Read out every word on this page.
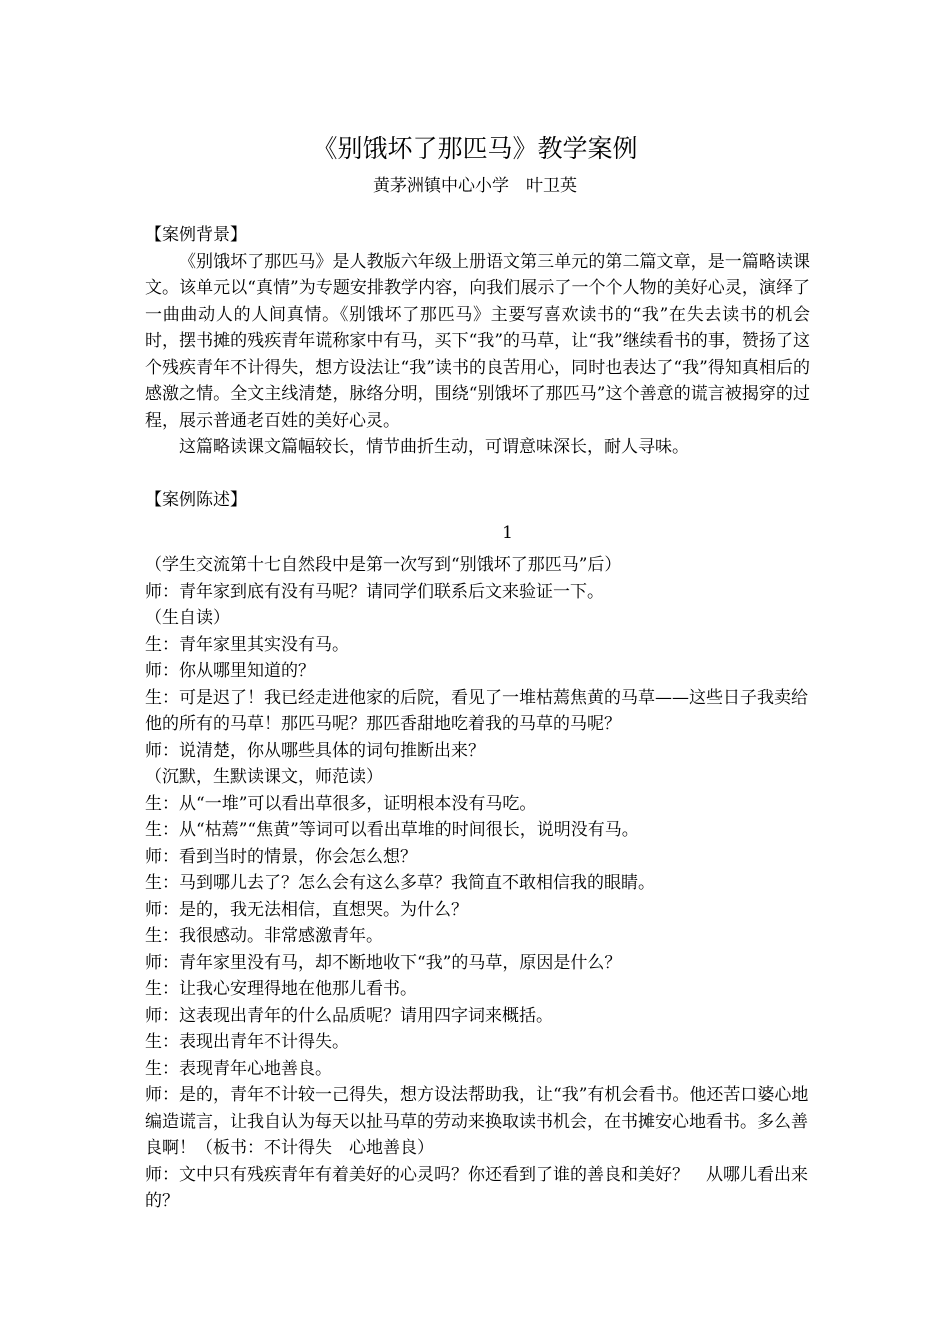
《别饿坏了那匹马》教学案例
黄茅洲镇中心小学　叶卫英

【案例背景】

《别饿坏了那匹马》是人教版六年级上册语文第三单元的第二篇文章，是一篇略读课文。该单元以“真情”为专题安排教学内容，向我们展示了一个个人物的美好心灵，演绎了一曲曲动人的人间真情。《别饿坏了那匹马》主要写喜欢读书的“我”在失去读书的机会时，摆书摊的残疾青年谎称家中有马，买下“我”的马草，让“我”继续看书的事，赞扬了这个残疾青年不计得失，想方设法让“我”读书的良苦用心，同时也表达了“我”得知真相后的感激之情。全文主线清楚，脉络分明，围绕“别饿坏了那匹马”这个善意的谎言被揭穿的过程，展示普通老百姓的美好心灵。

这篇略读课文篇幅较长，情节曲折生动，可谓意味深长，耐人寻味。

【案例陈述】

1

（学生交流第十七自然段中是第一次写到“别饿坏了那匹马”后）

师：青年家到底有没有马呢？请同学们联系后文来验证一下。

（生自读）

生：青年家里其实没有马。

师：你从哪里知道的？

生：可是迟了！我已经走进他家的后院，看见了一堆枯蔫焦黄的马草——这些日子我卖给他的所有的马草！那匹马呢？那匹香甜地吃着我的马草的马呢？

师：说清楚，你从哪些具体的词句推断出来？

（沉默，生默读课文，师范读）

生：从“一堆”可以看出草很多，证明根本没有马吃。

生：从“枯蔫”“焦黄”等词可以看出草堆的时间很长，说明没有马。

师：看到当时的情景，你会怎么想？

生：马到哪儿去了？怎么会有这么多草？我简直不敢相信我的眼睛。

师：是的，我无法相信，直想哭。为什么？

生：我很感动。非常感激青年。

师：青年家里没有马，却不断地收下“我”的马草，原因是什么？

生：让我心安理得地在他那儿看书。

师：这表现出青年的什么品质呢？请用四字词来概括。

生：表现出青年不计得失。

生：表现青年心地善良。

师：是的，青年不计较一己得失，想方设法帮助我，让“我”有机会看书。他还苦口婆心地编造谎言，让我自认为每天以扯马草的劳动来换取读书机会，在书摊安心地看书。多么善良啊！（板书：不计得失　心地善良）

师：文中只有残疾青年有着美好的心灵吗？你还看到了谁的善良和美好？　从哪儿看出来的？
